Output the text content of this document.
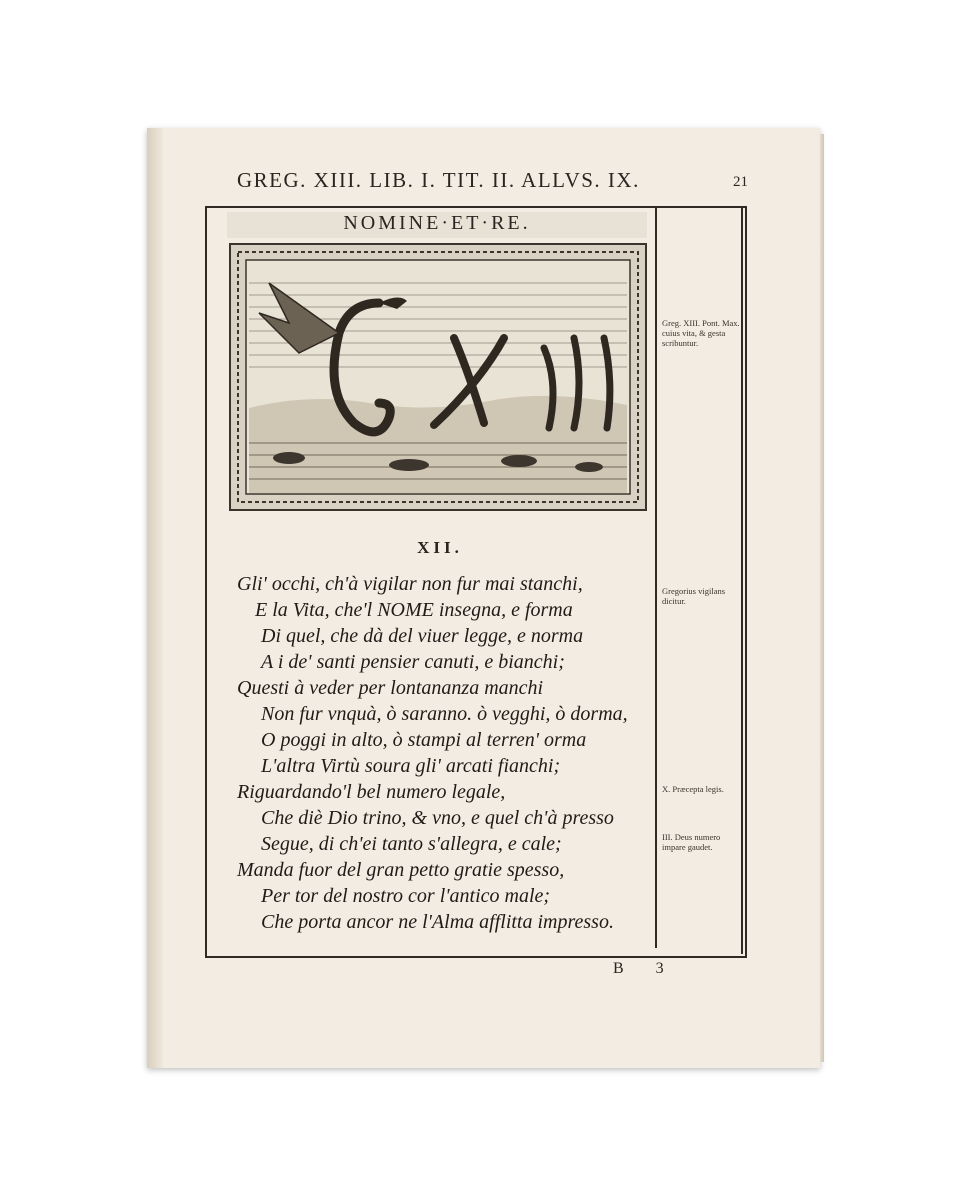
GREG. XIII. LIB. I. TIT. II. ALLVS. IX.	21
NOMINE·ET·RE.
XII.
Gli' occhi, ch'à vigilar non fur mai stanchi,
E la Vita, che'l NOME insegna, e forma
Di quel, che dà del viuer legge, e norma
A i de' santi pensier canuti, e bianchi;
Questi à veder per lontananza manchi
Non fur vnquà, ò saranno. ò vegghi, ò dorma,
O poggi in alto, ò stampi al terren' orma
L'altra Virtù soura gli' arcati fianchi;
Riguardando'l bel numero legale,
Che diè Dio trino, & vno, e quel ch'à presso
Segue, di ch'ei tanto s'allegra, e cale;
Manda fuor del gran petto gratie spesso,
Per tor del nostro cor l'antico male;
Che porta ancor ne l'Alma afflitta impresso.
Greg. XIII. Pont. Max. cuius vita, & gesta scribuntur.
Gregorius vigilans dicitur.
X. Præcepta legis.
III. Deus numero impare gaudet.
B 3
